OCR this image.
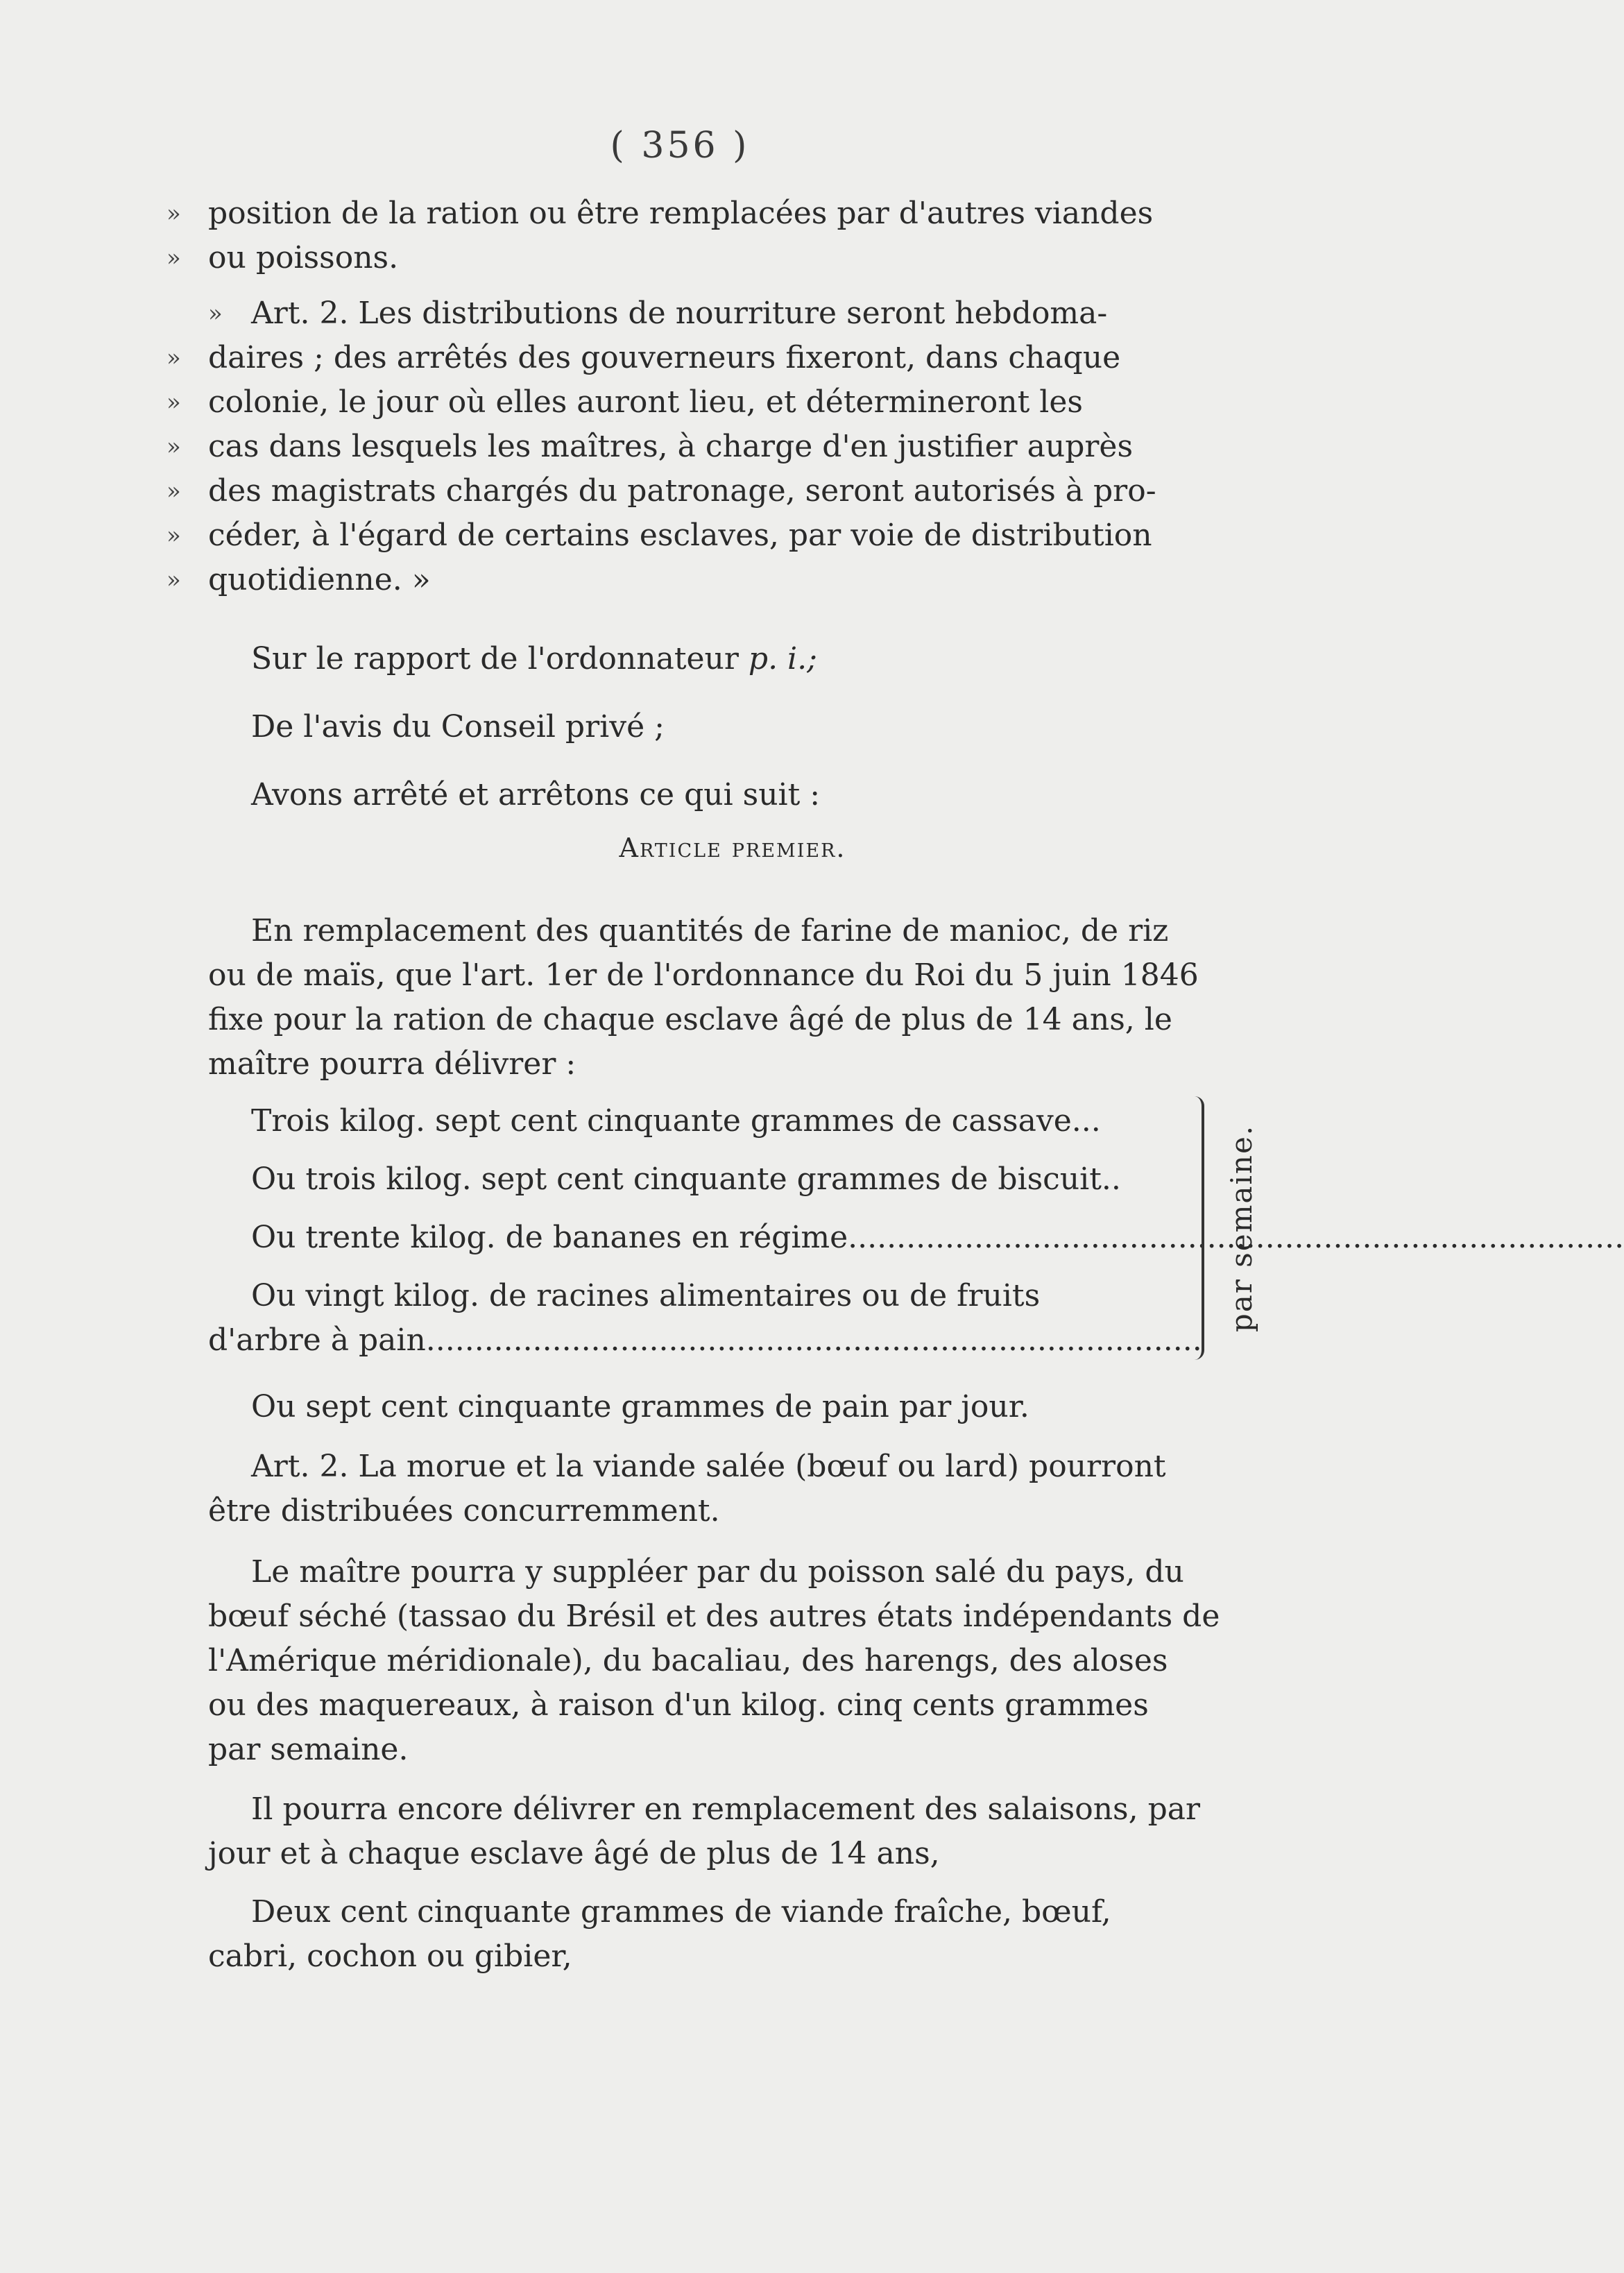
( 356 )
» position de la ration ou être remplacées par d'autres viandes
» ou poissons.
» Art. 2. Les distributions de nourriture seront hebdoma-
» daires ; des arrêtés des gouverneurs fixeront, dans chaque
» colonie, le jour où elles auront lieu, et détermineront les
» cas dans lesquels les maîtres, à charge d'en justifier auprès
» des magistrats chargés du patronage, seront autorisés à pro-
» céder, à l'égard de certains esclaves, par voie de distribution
» quotidienne. »
Sur le rapport de l'ordonnateur p. i.;
De l'avis du Conseil privé ;
Avons arrêté et arrêtons ce qui suit :
Article premier.
En remplacement des quantités de farine de manioc, de riz
ou de maïs, que l'art. 1er de l'ordonnance du Roi du 5 juin 1846
fixe pour la ration de chaque esclave âgé de plus de 14 ans, le
maître pourra délivrer :
Trois kilog. sept cent cinquante grammes de cassave...
Ou trois kilog. sept cent cinquante grammes de biscuit..
Ou trente kilog. de bananes en régime ................................................................................
Ou vingt kilog. de racines alimentaires ou de fruits
d'arbre à pain ................................................................................
par semaine.
Ou sept cent cinquante grammes de pain par jour.
Art. 2. La morue et la viande salée (bœuf ou lard) pourront
être distribuées concurremment.
Le maître pourra y suppléer par du poisson salé du pays, du
bœuf séché (tassao du Brésil et des autres états indépendants de
l'Amérique méridionale), du bacaliau, des harengs, des aloses
ou des maquereaux, à raison d'un kilog. cinq cents grammes
par semaine.
Il pourra encore délivrer en remplacement des salaisons, par
jour et à chaque esclave âgé de plus de 14 ans,
Deux cent cinquante grammes de viande fraîche, bœuf,
cabri, cochon ou gibier,
